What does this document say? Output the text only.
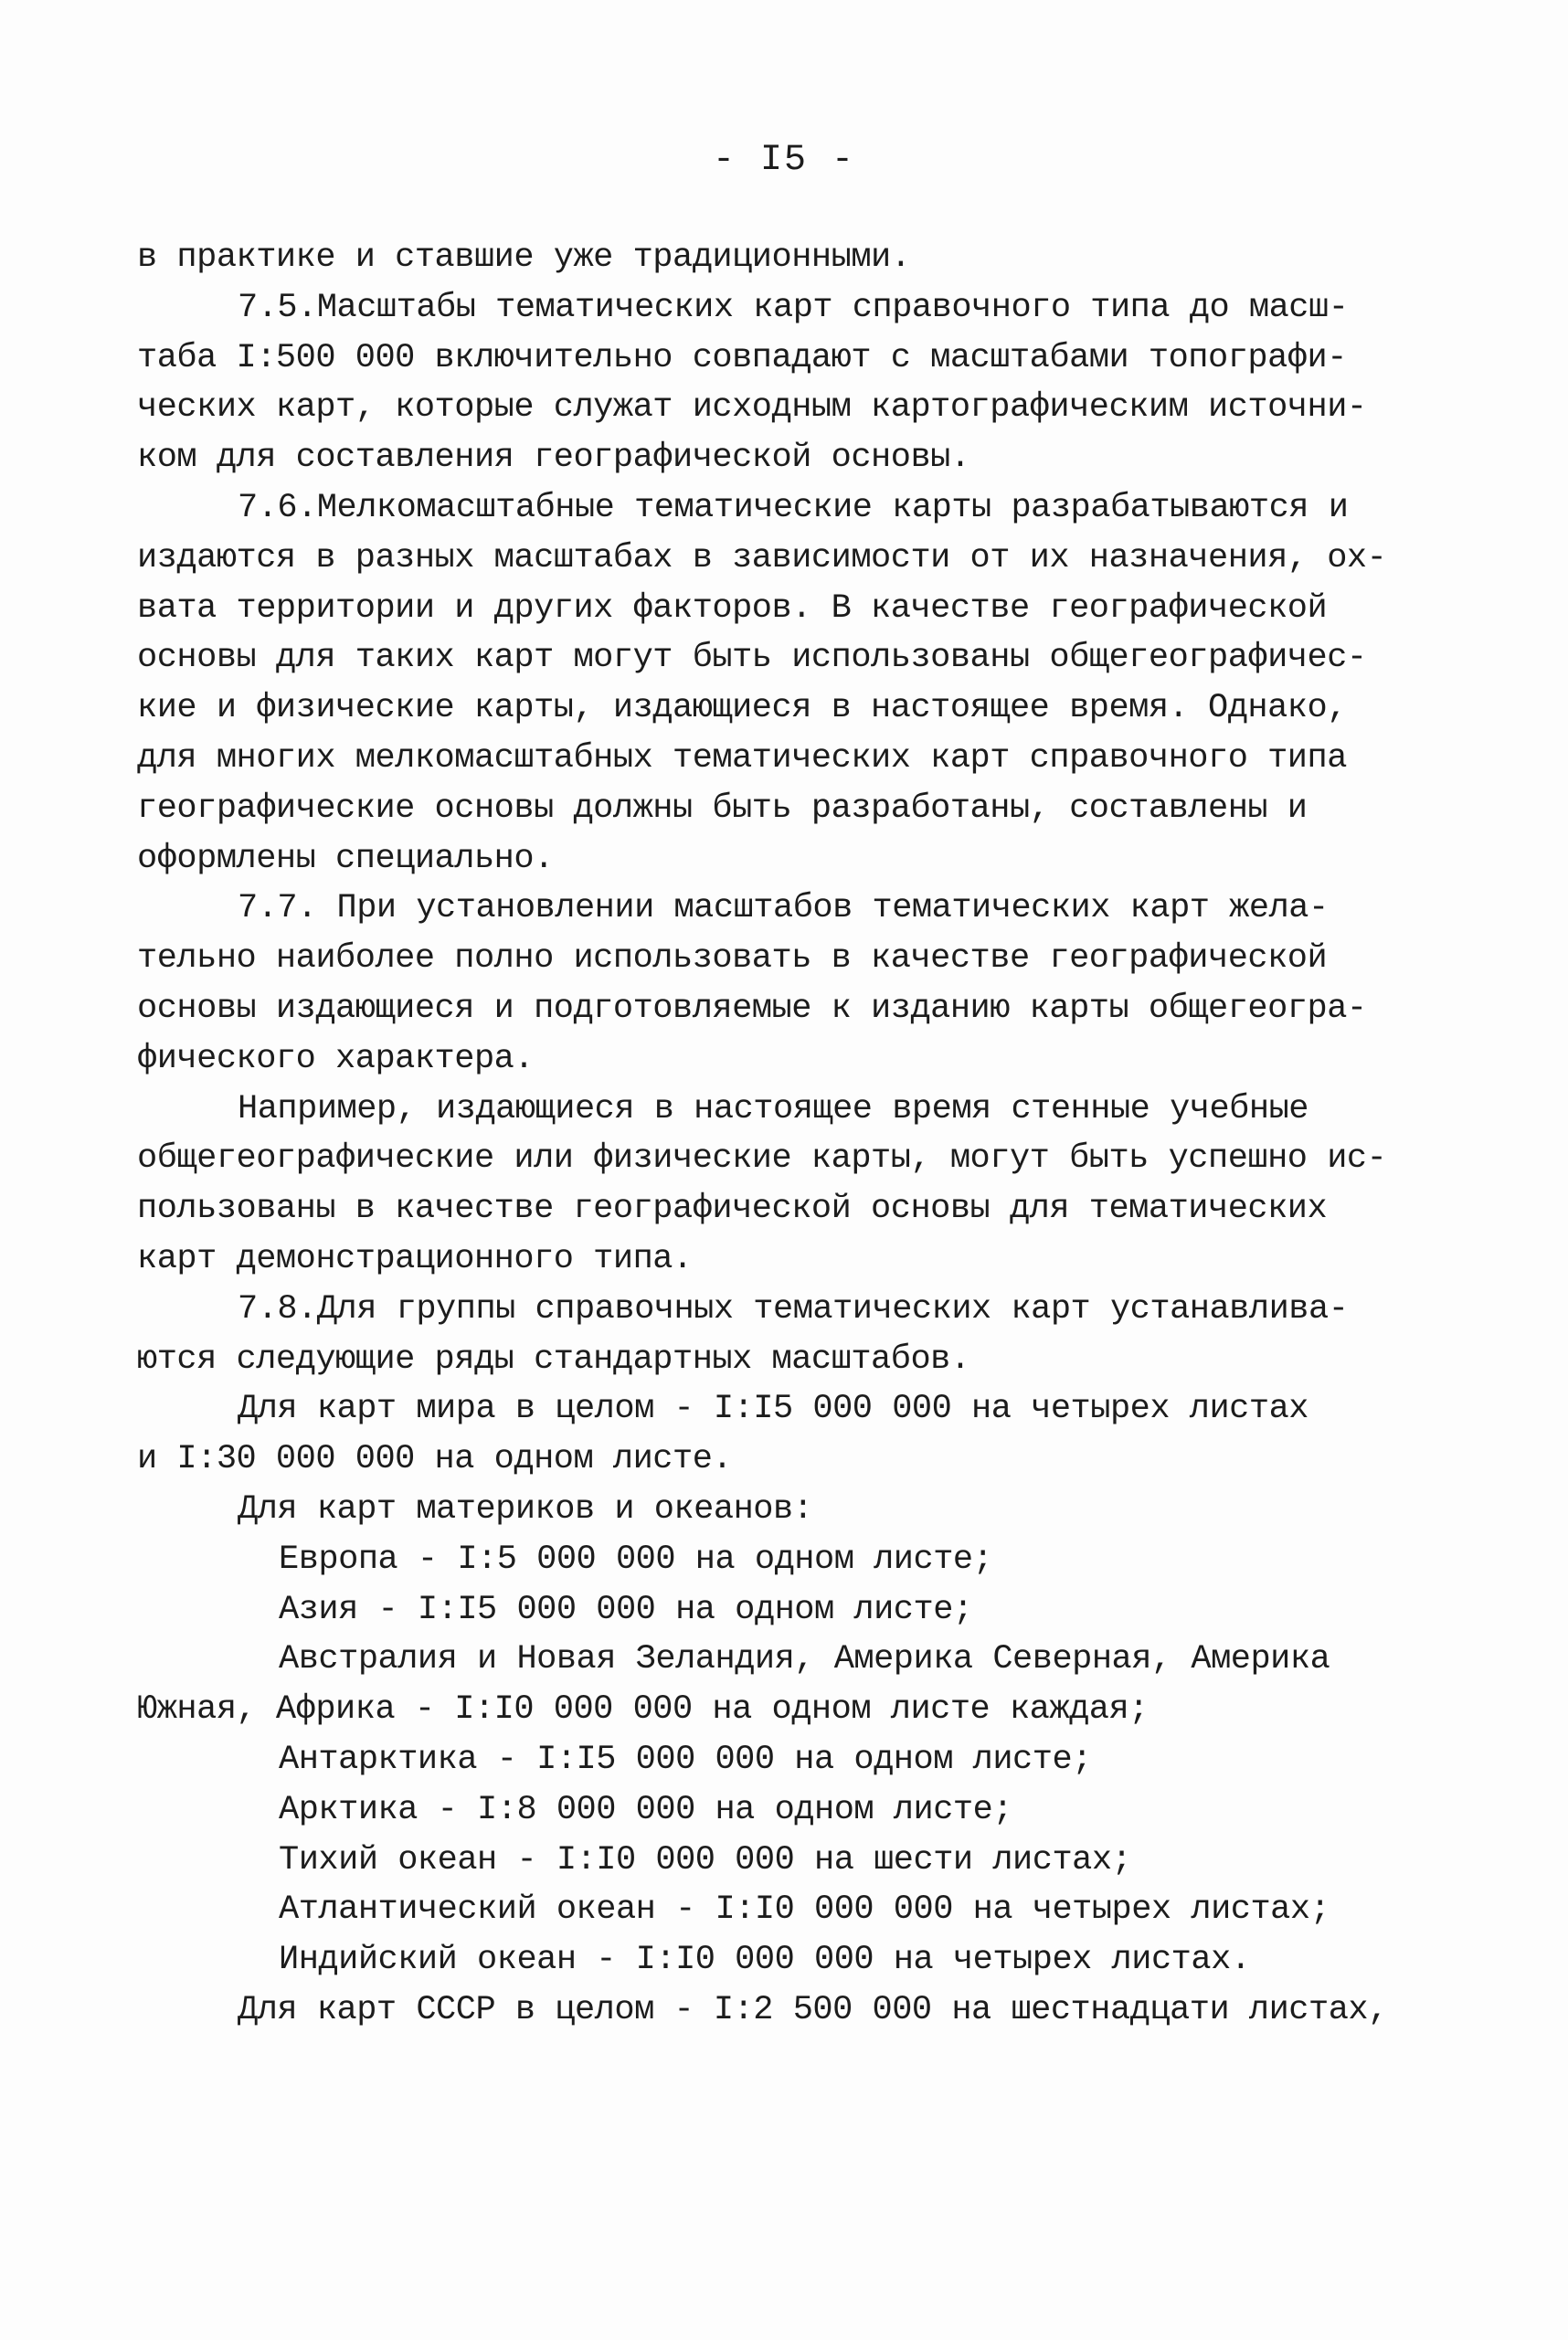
- I5 -
в практике и ставшие уже традиционными.
7.5.Масштабы тематических карт справочного типа до масш-
таба I:500 000 включительно совпадают с масштабами топографи-
ческих карт, которые служат исходным картографическим источни-
ком для составления географической основы.
7.6.Мелкомасштабные тематические карты разрабатываются и
издаются в разных масштабах в зависимости от их назначения, ох-
вата территории и других факторов. В качестве географической
основы для таких карт могут быть использованы общегеографичес-
кие и физические карты, издающиеся в настоящее время. Однако,
для многих мелкомасштабных тематических карт справочного типа
географические основы должны быть разработаны, составлены и
оформлены специально.
7.7. При установлении масштабов тематических карт жела-
тельно наиболее полно использовать в качестве географической
основы издающиеся и подготовляемые к изданию карты общегеогра-
фического характера.
Например, издающиеся в настоящее время стенные учебные
общегеографические или физические карты, могут быть успешно ис-
пользованы в качестве географической основы для тематических
карт демонстрационного типа.
7.8.Для группы справочных тематических карт устанавлива-
ются следующие ряды стандартных масштабов.
Для карт мира в целом - I:I5 000 000 на четырех листах
и I:30 000 000 на одном листе.
Для карт материков и океанов:
Европа - I:5 000 000 на одном листе;
Азия - I:I5 000 000 на одном листе;
Австралия и Новая Зеландия, Америка Северная, Америка
Южная, Африка - I:I0 000 000 на одном листе каждая;
Антарктика - I:I5 000 000 на одном листе;
Арктика - I:8 000 000 на одном листе;
Тихий океан - I:I0 000 000 на шести листах;
Атлантический океан - I:I0 000 000 на четырех листах;
Индийский океан - I:I0 000 000 на четырех листах.
Для карт СССР в целом - I:2 500 000 на шестнадцати листах,
